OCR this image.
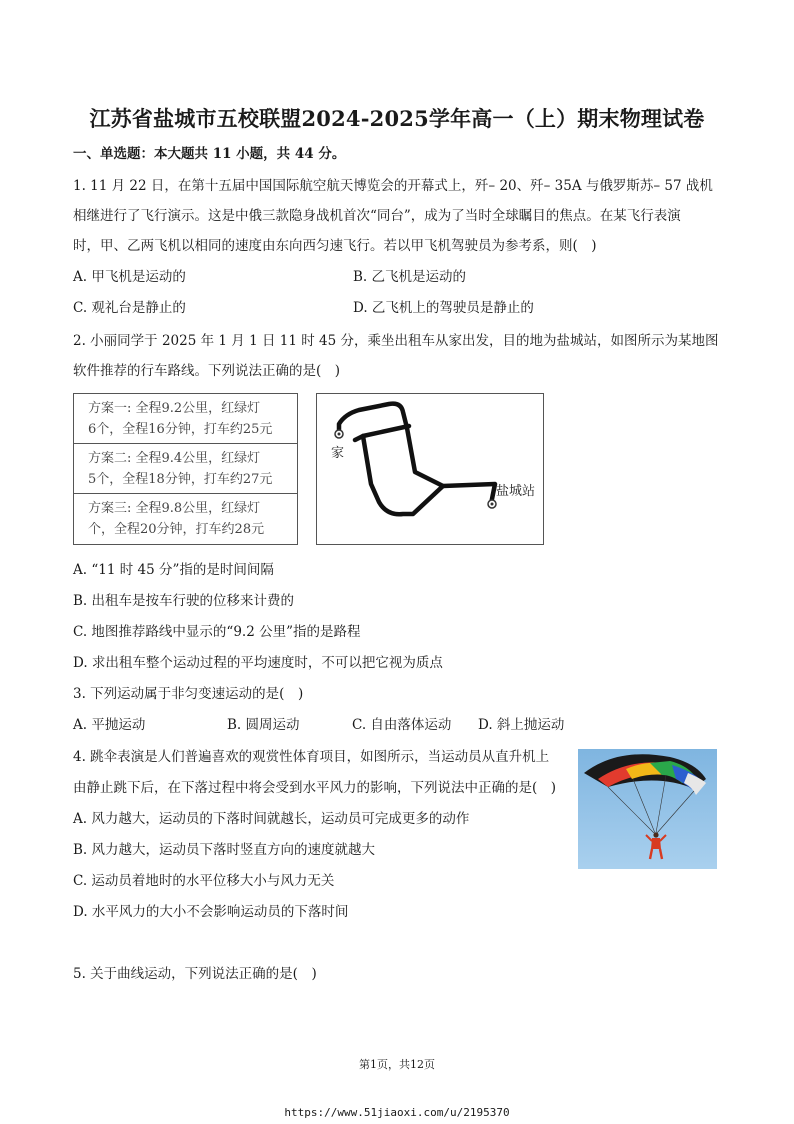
江苏省盐城市五校联盟2024-2025学年高一（上）期末物理试卷
一、单选题：本大题共 11 小题，共 44 分。
1. 11 月 22 日，在第十五届中国国际航空航天博览会的开幕式上，歼– 20、歼– 35A 与俄罗斯苏– 57 战机
相继进行了飞行演示。这是中俄三款隐身战机首次“同台”，成为了当时全球瞩目的焦点。在某飞行表演
时，甲、乙两飞机以相同的速度由东向西匀速飞行。若以甲飞机驾驶员为参考系，则(　)
A. 甲飞机是运动的	B. 乙飞机是运动的
C. 观礼台是静止的	D. 乙飞机上的驾驶员是静止的
2. 小丽同学于 2025 年 1 月 1 日 11 时 45 分，乘坐出租车从家出发，目的地为盐城站，如图所示为某地图
软件推荐的行车路线。下列说法正确的是(　)
方案一: 全程9.2公里，红绿灯
6个，全程16分钟，打车约25元
方案二: 全程9.4公里，红绿灯
5个，全程18分钟，打车约27元
方案三: 全程9.8公里，红绿灯
个，全程20分钟，打车约28元
家
盐城站
A. “11 时 45 分”指的是时间间隔
B. 出租车是按车行驶的位移来计费的
C. 地图推荐路线中显示的“9.2 公里”指的是路程
D. 求出租车整个运动过程的平均速度时，不可以把它视为质点
3. 下列运动属于非匀变速运动的是(　)
A. 平抛运动	B. 圆周运动	C. 自由落体运动 D. 斜上抛运动
4. 跳伞表演是人们普遍喜欢的观赏性体育项目，如图所示，当运动员从直升机上
由静止跳下后，在下落过程中将会受到水平风力的影响，下列说法中正确的是(　)
A. 风力越大，运动员的下落时间就越长，运动员可完成更多的动作
B. 风力越大，运动员下落时竖直方向的速度就越大
C. 运动员着地时的水平位移大小与风力无关
D. 水平风力的大小不会影响运动员的下落时间
5. 关于曲线运动，下列说法正确的是(　)
第1页，共12页
https://www.51jiaoxi.com/u/2195370
